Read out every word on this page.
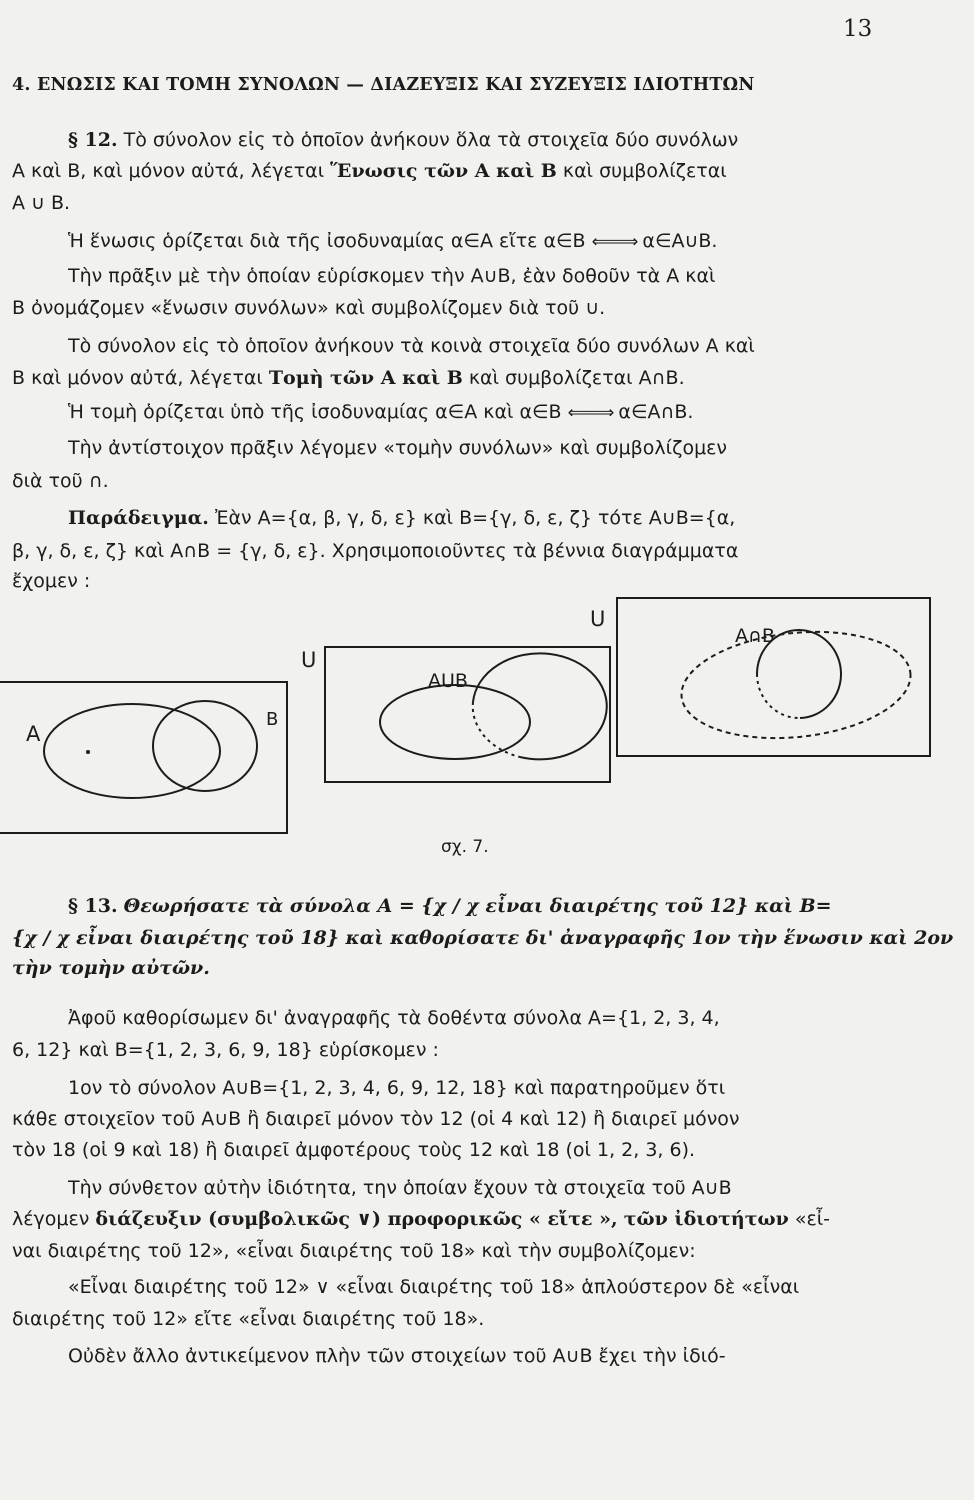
13
4. ΕΝΩΣΙΣ ΚΑΙ ΤΟΜΗ ΣΥΝΟΛΩΝ — ΔΙΑΖΕΥΞΙΣ ΚΑΙ ΣΥΖΕΥΞΙΣ ΙΔΙΟΤΗΤΩΝ
§ 12. Τὸ σύνολον εἰς τὸ ὁποῖον ἀνήκουν ὅλα τὰ στοιχεῖα δύο συνόλων
Α καὶ Β, καὶ μόνον αὐτά, λέγεται Ἕνωσις τῶν Α καὶ Β καὶ συμβολίζεται
Α ∪ Β.
Ἡ ἕνωσις ὁρίζεται διὰ τῆς ἰσοδυναμίας α∈Α εἴτε α∈Β ⟸⟹ α∈Α∪Β.
Τὴν πρᾶξιν μὲ τὴν ὁποίαν εὑρίσκομεν τὴν Α∪Β, ἐὰν δοθοῦν τὰ Α καὶ
Β ὀνομάζομεν «ἕνωσιν συνόλων» καὶ συμβολίζομεν διὰ τοῦ ∪.
Τὸ σύνολον εἰς τὸ ὁποῖον ἀνήκουν τὰ κοινὰ στοιχεῖα δύο συνόλων Α καὶ
Β καὶ μόνον αὐτά, λέγεται Τομὴ τῶν Α καὶ Β καὶ συμβολίζεται Α∩Β.
Ἡ τομὴ ὁρίζεται ὑπὸ τῆς ἰσοδυναμίας α∈Α καὶ α∈Β ⟸⟹ α∈Α∩Β.
Τὴν ἀντίστοιχον πρᾶξιν λέγομεν «τομὴν συνόλων» καὶ συμβολίζομεν
διὰ τοῦ ∩.
Παράδειγμα. Ἐὰν Α={α, β, γ, δ, ε} καὶ Β={γ, δ, ε, ζ} τότε Α∪Β={α,
β, γ, δ, ε, ζ} καὶ Α∩Β = {γ, δ, ε}. Χρησιμοποιοῦντες τὰ βέννια διαγράμματα
ἔχομεν :
A
B
U
U
AUB
A∩B
σχ. 7.
§ 13. Θεωρήσατε τὰ σύνολα Α = {χ / χ εἶναι διαιρέτης τοῦ 12} καὶ Β=
{χ / χ εἶναι διαιρέτης τοῦ 18} καὶ καθορίσατε δι' ἀναγραφῆς 1ον τὴν ἕνωσιν καὶ 2ον
τὴν τομὴν αὐτῶν.
Ἀφοῦ καθορίσωμεν δι' ἀναγραφῆς τὰ δοθέντα σύνολα Α={1, 2, 3, 4,
6, 12} καὶ Β={1, 2, 3, 6, 9, 18} εὑρίσκομεν :
1ον τὸ σύνολον Α∪Β={1, 2, 3, 4, 6, 9, 12, 18} καὶ παρατηροῦμεν ὅτι
κάθε στοιχεῖον τοῦ Α∪Β ἢ διαιρεῖ μόνον τὸν 12 (οἱ 4 καὶ 12) ἢ διαιρεῖ μόνον
τὸν 18 (οἱ 9 καὶ 18) ἢ διαιρεῖ ἀμφοτέρους τοὺς 12 καὶ 18 (οἱ 1, 2, 3, 6).
Τὴν σύνθετον αὐτὴν ἰδιότητα, την ὁποίαν ἔχουν τὰ στοιχεῖα τοῦ Α∪Β
λέγομεν διάζευξιν (συμβολικῶς ∨) προφορικῶς « εἴτε », τῶν ἰδιοτήτων «εἶ-
ναι διαιρέτης τοῦ 12», «εἶναι διαιρέτης τοῦ 18» καὶ τὴν συμβολίζομεν:
«Εἶναι διαιρέτης τοῦ 12» ∨ «εἶναι διαιρέτης τοῦ 18» ἁπλούστερον δὲ «εἶναι
διαιρέτης τοῦ 12» εἴτε «εἶναι διαιρέτης τοῦ 18».
Οὐδὲν ἄλλο ἀντικείμενον πλὴν τῶν στοιχείων τοῦ Α∪Β ἔχει τὴν ἰδιό-
